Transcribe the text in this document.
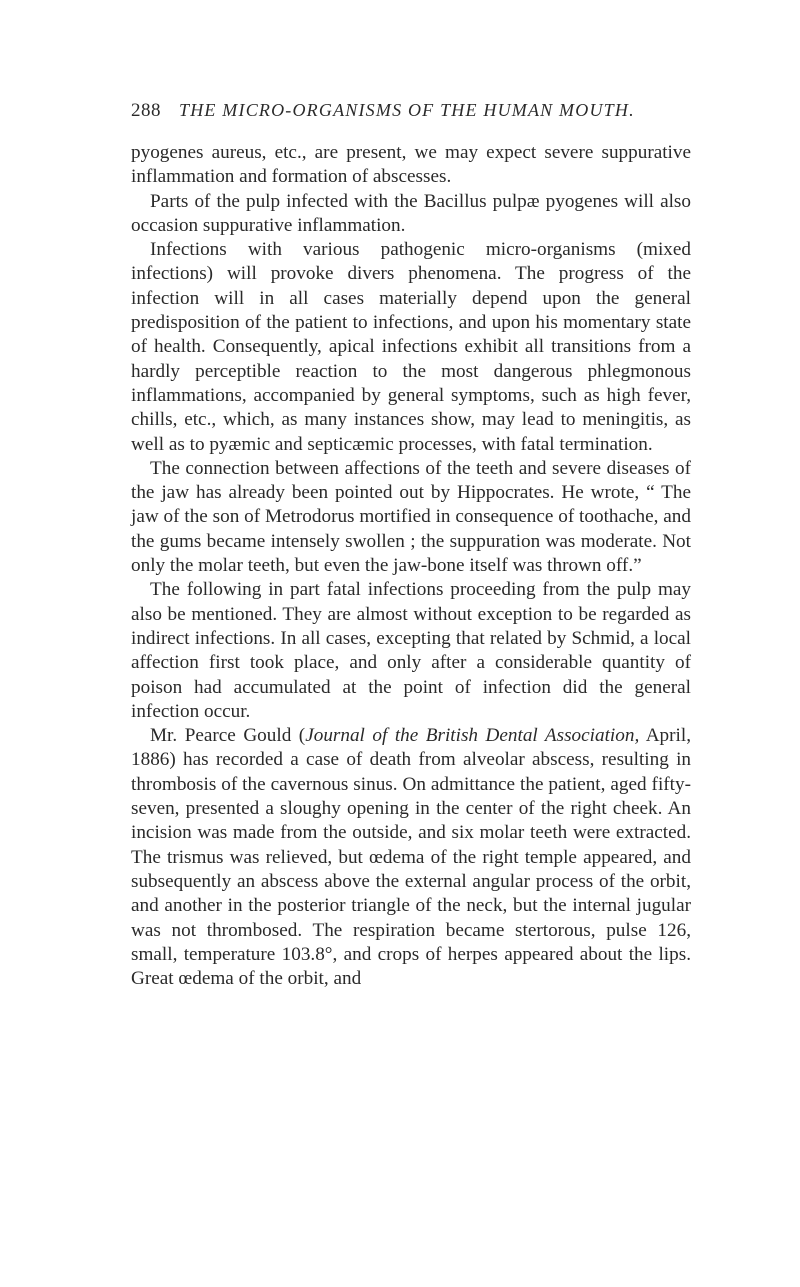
288 THE MICRO-ORGANISMS OF THE HUMAN MOUTH.

pyogenes aureus, etc., are present, we may expect severe suppurative inflammation and formation of abscesses.

Parts of the pulp infected with the Bacillus pulpæ pyogenes will also occasion suppurative inflammation.

Infections with various pathogenic micro-organisms (mixed infections) will provoke divers phenomena. The progress of the infection will in all cases materially depend upon the general predisposition of the patient to infections, and upon his momentary state of health. Consequently, apical infections exhibit all transitions from a hardly perceptible reaction to the most dangerous phlegmonous inflammations, accompanied by general symptoms, such as high fever, chills, etc., which, as many instances show, may lead to meningitis, as well as to pyæmic and septicæmic processes, with fatal termination.

The connection between affections of the teeth and severe diseases of the jaw has already been pointed out by Hippocrates. He wrote, “ The jaw of the son of Metrodorus mortified in consequence of toothache, and the gums became intensely swollen ; the suppuration was moderate. Not only the molar teeth, but even the jaw-bone itself was thrown off.”

The following in part fatal infections proceeding from the pulp may also be mentioned. They are almost without exception to be regarded as indirect infections. In all cases, excepting that related by Schmid, a local affection first took place, and only after a considerable quantity of poison had accumulated at the point of infection did the general infection occur.

Mr. Pearce Gould (Journal of the British Dental Association, April, 1886) has recorded a case of death from alveolar abscess, resulting in thrombosis of the cavernous sinus. On admittance the patient, aged fifty-seven, presented a sloughy opening in the center of the right cheek. An incision was made from the outside, and six molar teeth were extracted. The trismus was relieved, but œdema of the right temple appeared, and subsequently an abscess above the external angular process of the orbit, and another in the posterior triangle of the neck, but the internal jugular was not thrombosed. The respiration became stertorous, pulse 126, small, temperature 103.8°, and crops of herpes appeared about the lips. Great œdema of the orbit, and
